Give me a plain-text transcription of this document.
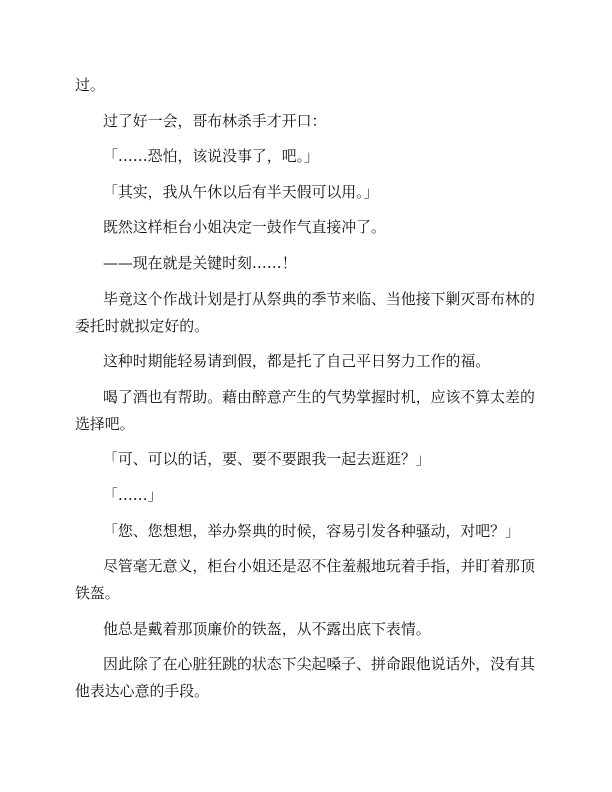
过。

过了好一会，哥布林杀手才开口：

「……恐怕，该说没事了，吧。」

「其实，我从午休以后有半天假可以用。」

既然这样柜台小姐决定一鼓作气直接冲了。

——现在就是关键时刻……！

毕竟这个作战计划是打从祭典的季节来临、当他接下剿灭哥布林的
委托时就拟定好的。

这种时期能轻易请到假，都是托了自己平日努力工作的福。

喝了酒也有帮助。藉由醉意产生的气势掌握时机，应该不算太差的
选择吧。

「可、可以的话，要、要不要跟我一起去逛逛？」

「……」

「您、您想想，举办祭典的时候，容易引发各种骚动，对吧？」

尽管毫无意义，柜台小姐还是忍不住羞赧地玩着手指，并盯着那顶
铁盔。

他总是戴着那顶廉价的铁盔，从不露出底下表情。

因此除了在心脏狂跳的状态下尖起嗓子、拼命跟他说话外，没有其
他表达心意的手段。
